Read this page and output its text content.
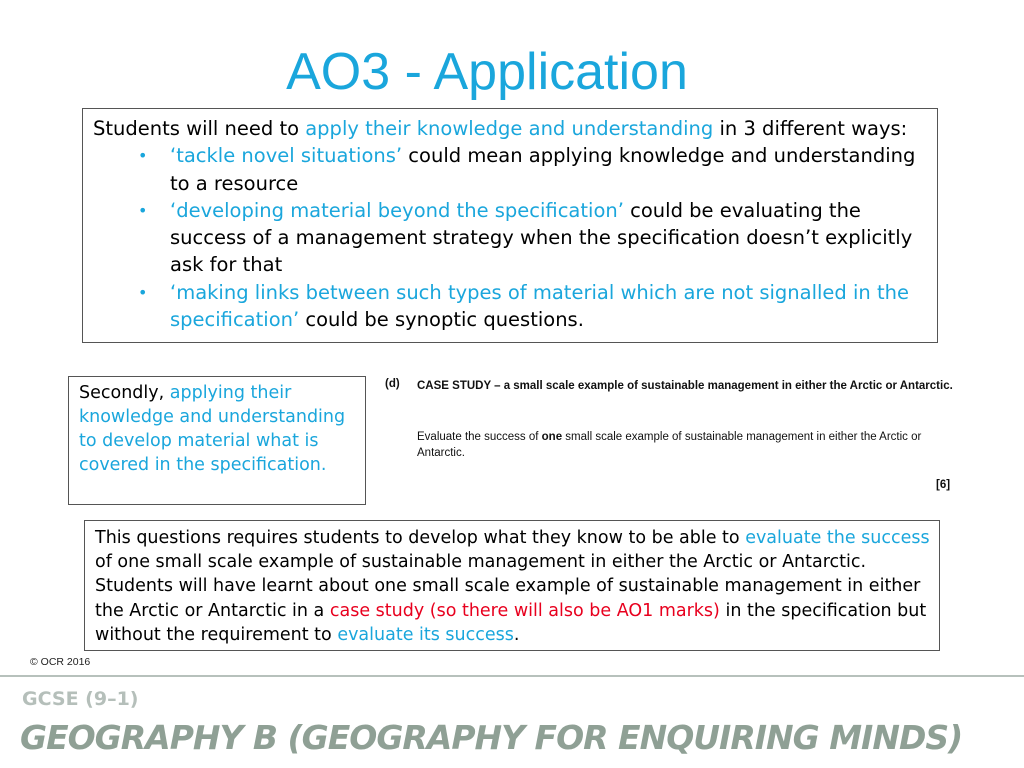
AO3 - Application

Students will need to apply their knowledge and understanding in 3 different ways:

• ‘tackle novel situations’ could mean applying knowledge and understanding to a resource
• ‘developing material beyond the specification’ could be evaluating the success of a management strategy when the specification doesn’t explicitly ask for that
• ‘making links between such types of material which are not signalled in the specification’ could be synoptic questions.
Secondly, applying their knowledge and understanding to develop material what is covered in the specification.
(d) CASE STUDY – a small scale example of sustainable management in either the Arctic or Antarctic.
Evaluate the success of one small scale example of sustainable management in either the Arctic or Antarctic.
[6]
This questions requires students to develop what they know to be able to evaluate the success of one small scale example of sustainable management in either the Arctic or Antarctic. Students will have learnt about one small scale example of sustainable management in either the Arctic or Antarctic in a case study (so there will also be AO1 marks) in the specification but without the requirement to evaluate its success.
© OCR 2016
GCSE (9–1)
GEOGRAPHY B (GEOGRAPHY FOR ENQUIRING MINDS)
